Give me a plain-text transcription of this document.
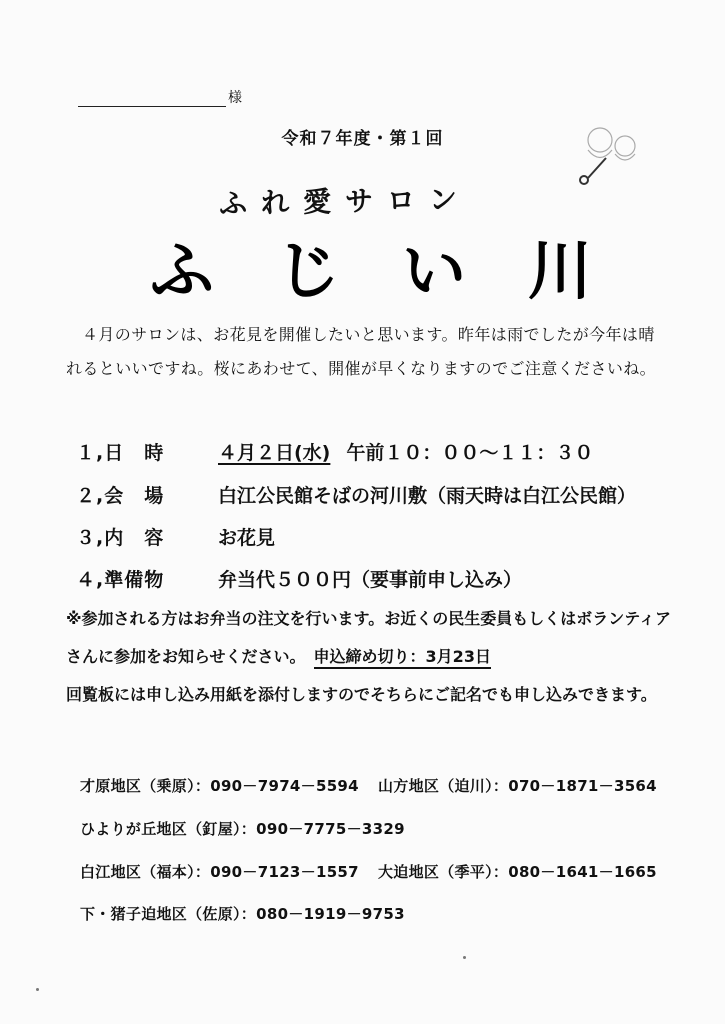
様
令和７年度・第１回
ふれ愛サロン
ふじい川

４月のサロンは、お花見を開催したいと思います。昨年は雨でしたが今年は晴れるといいですね。桜にあわせて、開催が早くなりますのでご注意くださいね。

１,日　時	４月２日(水) 午前１０：００～１１：３０
２,会　場	白江公民館そばの河川敷（雨天時は白江公民館）
３,内　容	お花見
４,準備物	弁当代５００円（要事前申し込み）

※参加される方はお弁当の注文を行います。お近くの民生委員もしくはボランティアさんに参加をお知らせください。　 申込締め切り：3月23日

回覧板には申し込み用紙を添付しますのでそちらにご記名でも申し込みできます。

才原地区（乗原）：090－7974－5594 山方地区（迫川）：070－1871－3564
ひよりが丘地区（釘屋）：090－7775－3329
白江地区（福本）：090－7123－1557 大迫地区（季平）：080－1641－1665
下・猪子迫地区（佐原）：080－1919－9753
